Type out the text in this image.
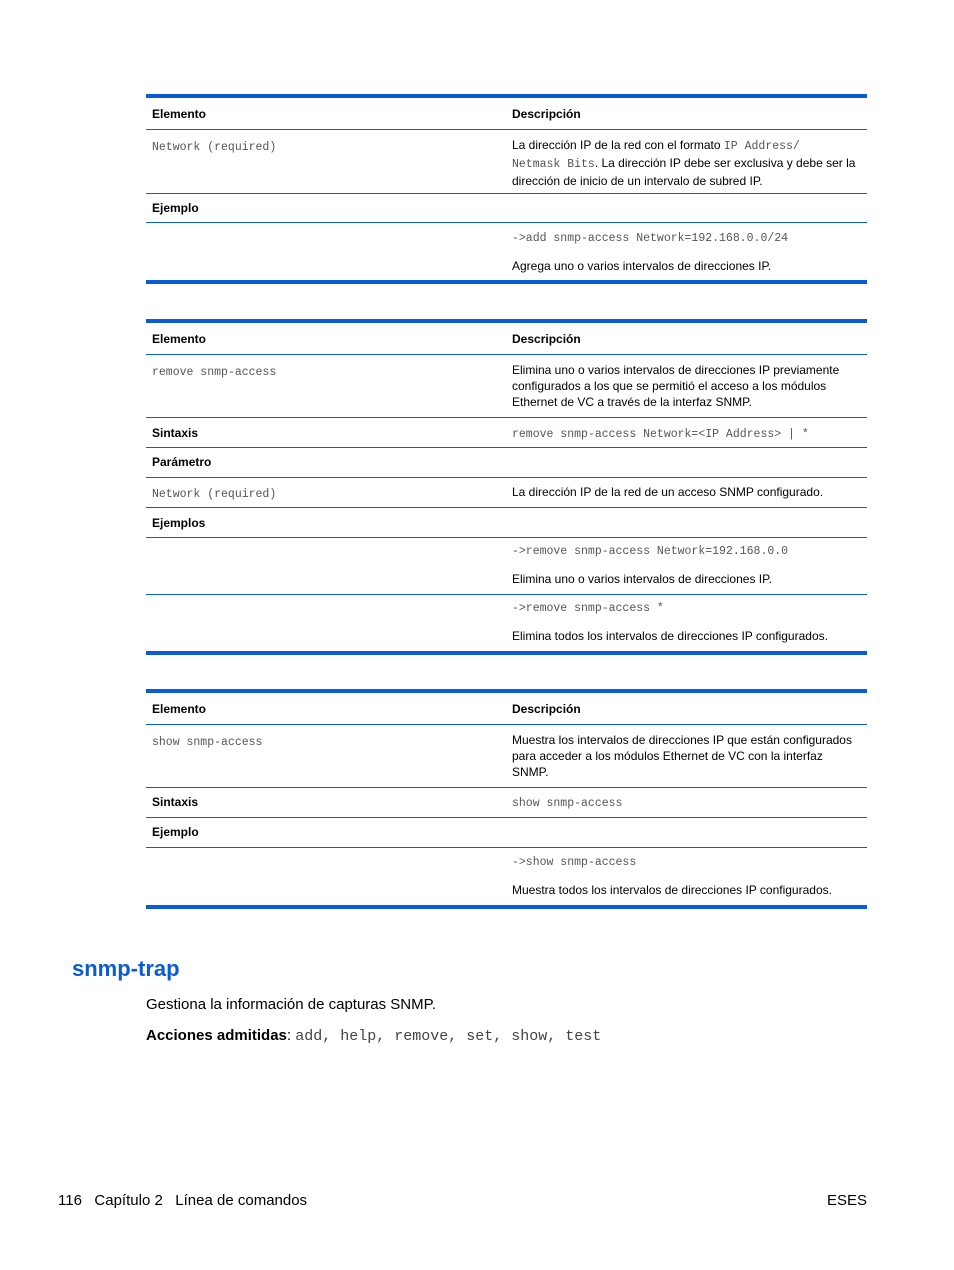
Elemento	Descripción
Network (required)	La dirección IP de la red con el formato IP Address/
Netmask Bits. La dirección IP debe ser exclusiva y debe ser la dirección de inicio de un intervalo de subred IP.
Ejemplo	

	->add snmp-access Network=192.168.0.0/24
Agrega uno o varios intervalos de direcciones IP.
Elemento	Descripción
remove snmp-access	Elimina uno o varios intervalos de direcciones IP previamente configurados a los que se permitió el acceso a los módulos Ethernet de VC a través de la interfaz SNMP.
Sintaxis	remove snmp-access Network=<IP Address> | *
Parámetro	
Network (required)	La dirección IP de la red de un acceso SNMP configurado.
Ejemplos	

	->remove snmp-access Network=192.168.0.0
Elimina uno o varios intervalos de direcciones IP.

	->remove snmp-access *
Elimina todos los intervalos de direcciones IP configurados.
Elemento	Descripción
show snmp-access	Muestra los intervalos de direcciones IP que están configurados para acceder a los módulos Ethernet de VC con la interfaz SNMP.
Sintaxis	show snmp-access
Ejemplo	

	->show snmp-access
Muestra todos los intervalos de direcciones IP configurados.
snmp-trap
Gestiona la información de capturas SNMP.
Acciones admitidas: add, help, remove, set, show, test
116   Capítulo 2   Línea de comandos	ESES
